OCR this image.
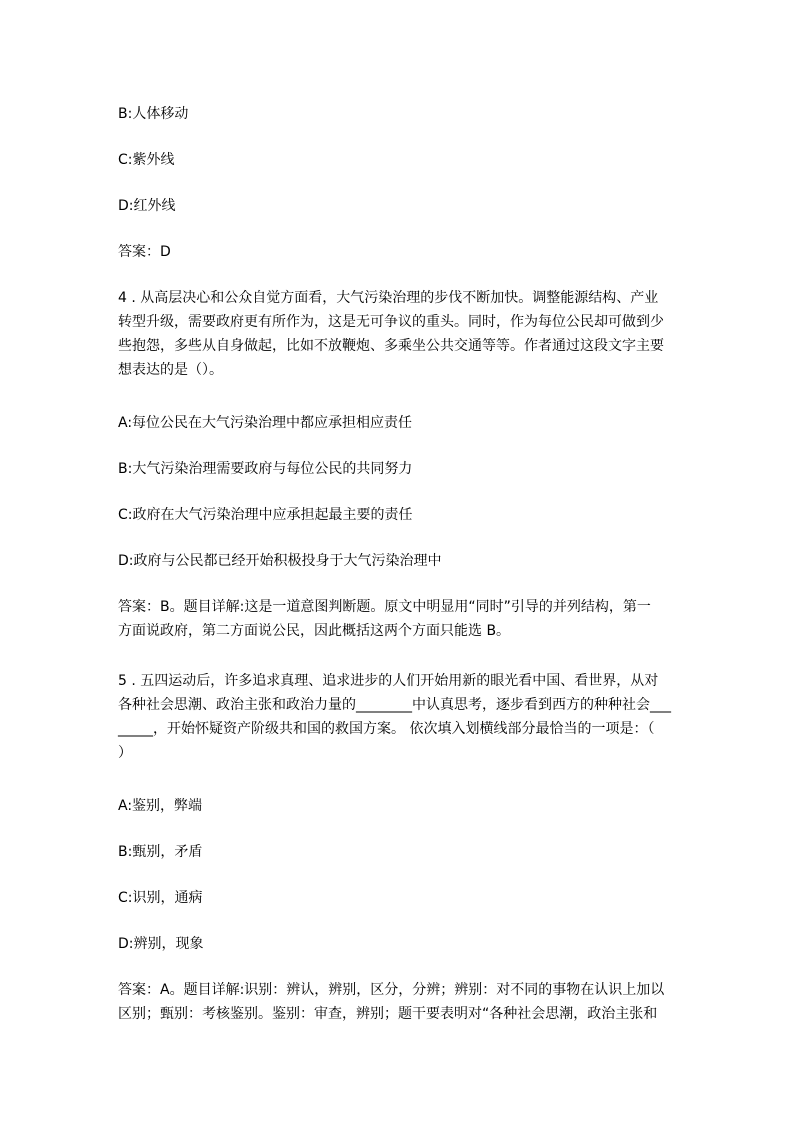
B:人体移动

C:紫外线

D:红外线

答案：D

4 . 从高层决心和公众自觉方面看，大气污染治理的步伐不断加快。调整能源结构、产业
转型升级，需要政府更有所作为，这是无可争议的重头。同时，作为每位公民却可做到少
些抱怨，多些从自身做起，比如不放鞭炮、多乘坐公共交通等等。作者通过这段文字主要
想表达的是（）。

A:每位公民在大气污染治理中都应承担相应责任

B:大气污染治理需要政府与每位公民的共同努力

C:政府在大气污染治理中应承担起最主要的责任

D:政府与公民都已经开始积极投身于大气污染治理中

答案：B。题目详解:这是一道意图判断题。原文中明显用“同时”引导的并列结构，第一
方面说政府，第二方面说公民，因此概括这两个方面只能选 B。
5 . 五四运动后，许多追求真理、追求进步的人们开始用新的眼光看中国、看世界，从对
各种社会思潮、政治主张和政治力量的________中认真思考，逐步看到西方的种种社会___
_____，开始怀疑资产阶级共和国的救国方案。 依次填入划横线部分最恰当的一项是：（
）

A:鉴别，弊端

B:甄别，矛盾

C:识别，通病

D:辨别，现象

答案：A。题目详解:识别：辨认，辨别，区分，分辨；辨别：对不同的事物在认识上加以
区别；甄别：考核鉴别。鉴别：审查，辨别；题干要表明对“各种社会思潮，政治主张和
